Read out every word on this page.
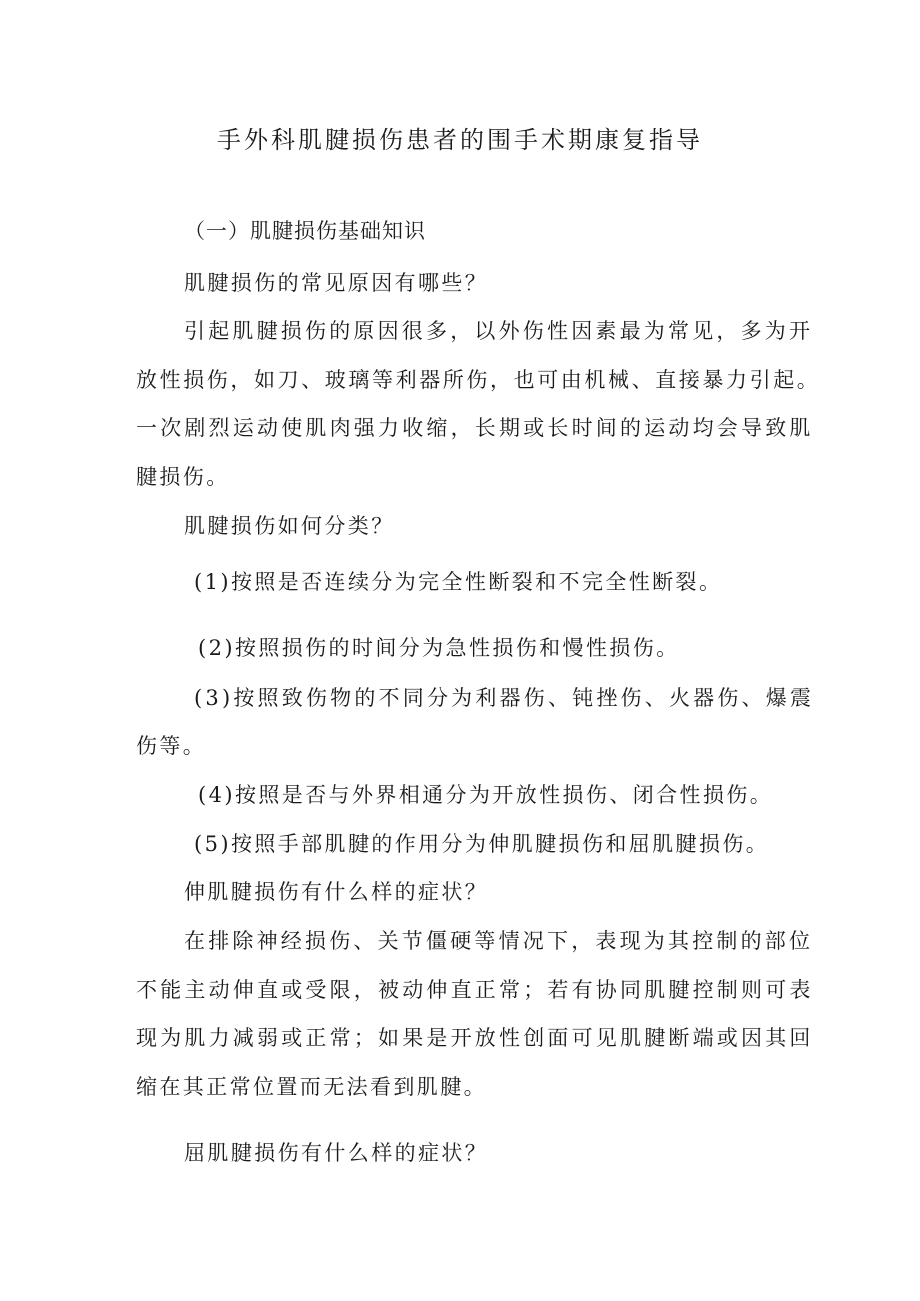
手外科肌腱损伤患者的围手术期康复指导
（一）肌腱损伤基础知识
肌腱损伤的常见原因有哪些？
引起肌腱损伤的原因很多，以外伤性因素最为常见，多为开
放性损伤，如刀、玻璃等利器所伤，也可由机械、直接暴力引起。
一次剧烈运动使肌肉强力收缩，长期或长时间的运动均会导致肌
腱损伤。
肌腱损伤如何分类？
(1)按照是否连续分为完全性断裂和不完全性断裂。
(2)按照损伤的时间分为急性损伤和慢性损伤。
(3)按照致伤物的不同分为利器伤、钝挫伤、火器伤、爆震
伤等。
(4)按照是否与外界相通分为开放性损伤、闭合性损伤。
(5)按照手部肌腱的作用分为伸肌腱损伤和屈肌腱损伤。
伸肌腱损伤有什么样的症状？
在排除神经损伤、关节僵硬等情况下，表现为其控制的部位
不能主动伸直或受限，被动伸直正常；若有协同肌腱控制则可表
现为肌力减弱或正常；如果是开放性创面可见肌腱断端或因其回
缩在其正常位置而无法看到肌腱。
屈肌腱损伤有什么样的症状？
